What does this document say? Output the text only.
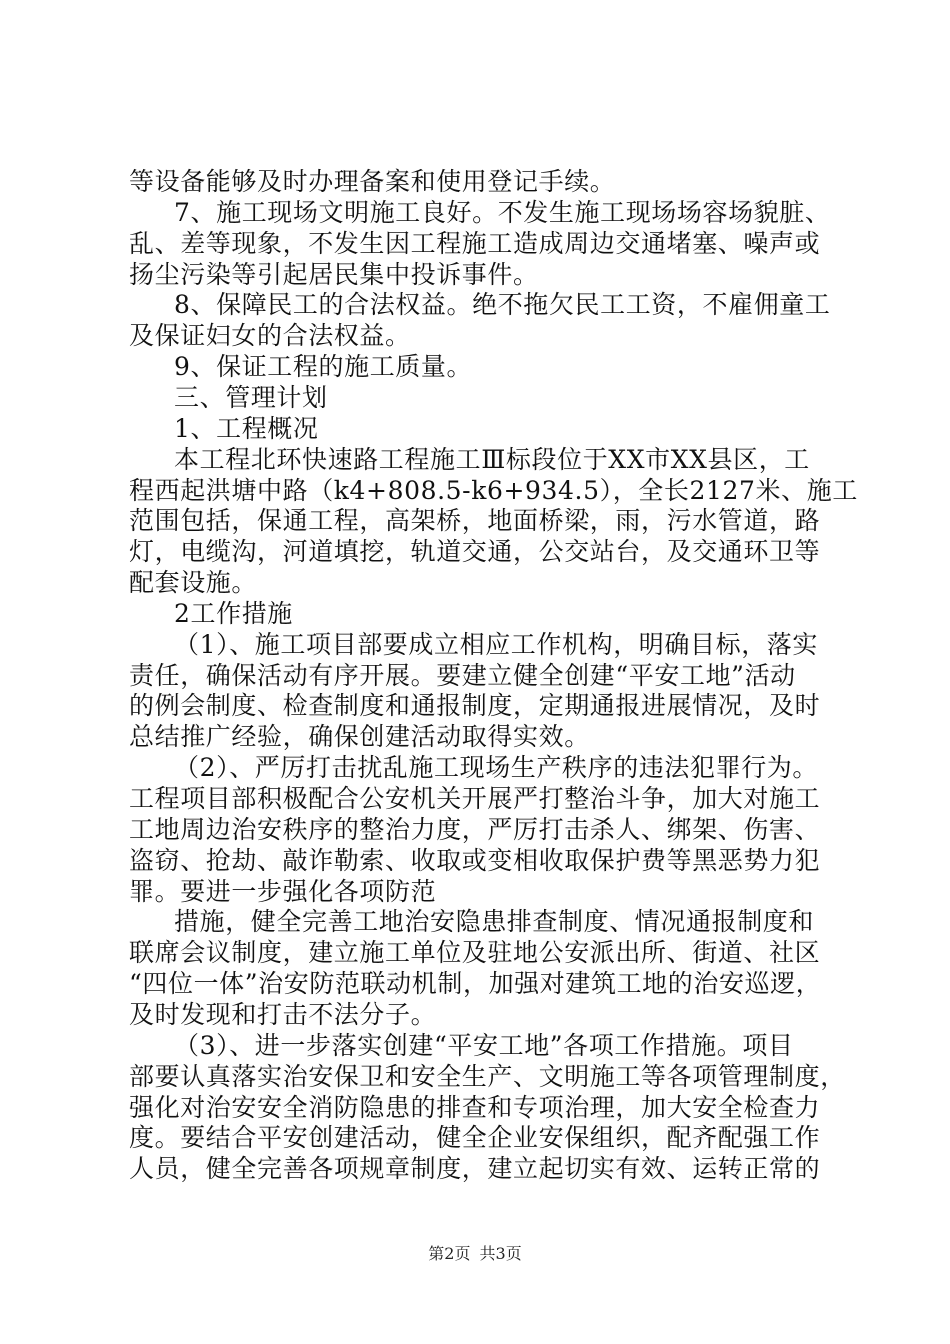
等设备能够及时办理备案和使用登记手续。
7、施工现场文明施工良好。不发生施工现场场容场貌脏、
乱、差等现象，不发生因工程施工造成周边交通堵塞、噪声或
扬尘污染等引起居民集中投诉事件。
8、保障民工的合法权益。绝不拖欠民工工资，不雇佣童工
及保证妇女的合法权益。
9、保证工程的施工质量。
三、管理计划
1、工程概况
本工程北环快速路工程施工Ⅲ标段位于XX市XX县区，工
程西起洪塘中路（k4+808.5-k6+934.5），全长2127米、施工
范围包括，保通工程，高架桥，地面桥梁，雨，污水管道，路
灯，电缆沟，河道填挖，轨道交通，公交站台，及交通环卫等
配套设施。
2工作措施
（1）、施工项目部要成立相应工作机构，明确目标，落实
责任，确保活动有序开展。要建立健全创建“平安工地”活动
的例会制度、检查制度和通报制度，定期通报进展情况，及时
总结推广经验，确保创建活动取得实效。
（2）、严厉打击扰乱施工现场生产秩序的违法犯罪行为。
工程项目部积极配合公安机关开展严打整治斗争，加大对施工
工地周边治安秩序的整治力度，严厉打击杀人、绑架、伤害、
盗窃、抢劫、敲诈勒索、收取或变相收取保护费等黑恶势力犯
罪。要进一步强化各项防范
措施，健全完善工地治安隐患排查制度、情况通报制度和
联席会议制度，建立施工单位及驻地公安派出所、街道、社区
“四位一体”治安防范联动机制，加强对建筑工地的治安巡逻，
及时发现和打击不法分子。
（3）、进一步落实创建“平安工地”各项工作措施。项目
部要认真落实治安保卫和安全生产、文明施工等各项管理制度，
强化对治安安全消防隐患的排查和专项治理，加大安全检查力
度。要结合平安创建活动，健全企业安保组织，配齐配强工作
人员，健全完善各项规章制度，建立起切实有效、运转正常的
第2页 共3页
